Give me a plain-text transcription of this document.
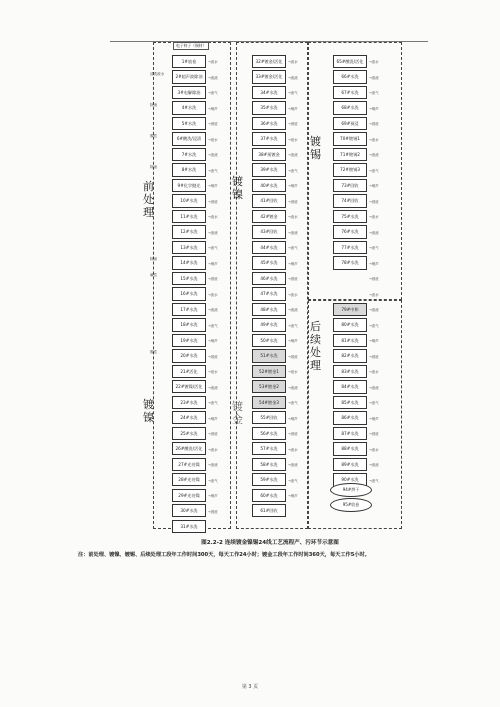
电子料子（铜材）
1#放卷
2#超声波除油
3#电解除油
4#水洗
5#水洗
6#酸洗/浸渍
7#水洗
8#水洗
9#化学抛光
10#水洗
11#水洗
12#水洗
13#水洗
14#水洗
15#水洗
16#水洗
17#水洗
18#水洗
19#水洗
20#水洗
21#活化
22#镀镍/活化
23#水洗
24#水洗
25#水洗
26#酸洗/活化
27#光亮镍
28#光亮镍
29#光亮镍
30#水洗
31#水洗
32#镀金/活化
33#镀金/活化
34#水洗
35#水洗
36#水洗
37#水洗
38#预镀金
39#水洗
40#水洗
41#回收
42#镀金
43#回收
44#水洗
45#水洗
46#水洗
47#水洗
48#水洗
49#水洗
50#水洗
51#水洗
52#镀金1
53#镀金2
54#镀金3
55#回收
56#水洗
57#水洗
58#水洗
59#水洗
60#水洗
61#回收
65#酸洗/活化
66#水洗
67#水洗
68#水洗
69#预浸
70#镀锡1
71#镀锡2
72#镀锡3
73#回收
74#回收
75#水洗
76#水洗
77#水洗
78#水洗
79#中和
80#水洗
81#水洗
82#水洗
83#水洗
84#水洗
85#水洗
86#水洗
87#水洗
88#水洗
89#水洗
90#水洗
前处理
镀镍
镀镍
镀金
镀锡
后续处理
清洗废水
除油
酸性
除油
除油
碱性
酸性
→废水
→废液
→废气
→噪声
→固废
→废水
→废液
→废气
→噪声
→固废
→废水
→废液
→废气
→噪声
→固废
→废水
→废液
→废气
→噪声
→固废
→废水
→废液
→废气
→噪声
→固废
→废水
→废液
→废气
→噪声
→固废
→废水
→废液
→废气
→噪声
→固废
→废水
→废液
→废气
→噪声
→固废
→废水
→废液
→废气
→噪声
→固废
→废水
→废液
→废气
→噪声
→固废
→废水
→废液
→废气
→噪声
→固废
→废水
→废液
→废气
→噪声
→废水
→废液
→废气
→噪声
→固废
→废水
→废液
→废气
→噪声
→固废
→废水
→废液
→废气
→噪声
→固废
→废水
→废液
→废气
→噪声
→固废
→废水
→废液
→废气
→噪声
→固废
→废水
→废液
→废气
94#烘干
95#收卷
图2.2-2 连续镀金镍锡24线工艺流程产、污环节示意图
注：前处理、镀镍、镀锡、后续处理工段年工作时间300天，每天工作24小时；镀金工段年工作时间360天，每天工作5小时。
第 3 页
